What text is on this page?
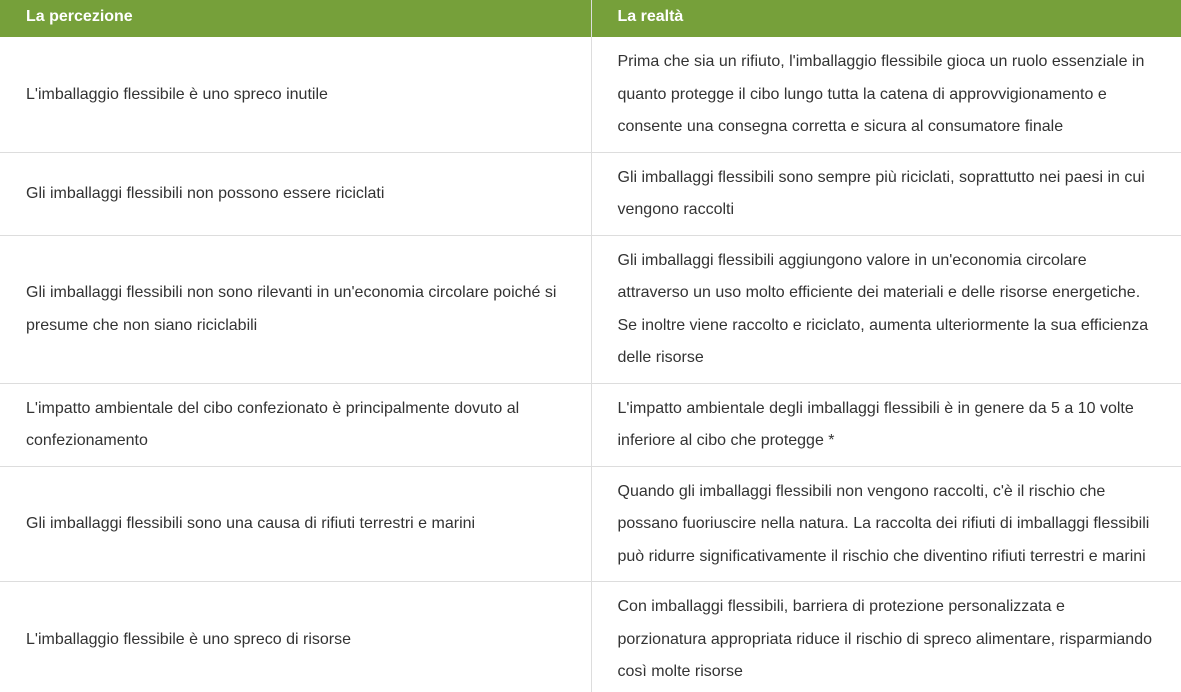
La percezione	La realtà
L'imballaggio flessibile è uno spreco inutile	Prima che sia un rifiuto, l'imballaggio flessibile gioca un ruolo essenziale in quanto protegge il cibo lungo tutta la catena di approvvigionamento e consente una consegna corretta e sicura al consumatore finale
Gli imballaggi flessibili non possono essere riciclati	Gli imballaggi flessibili sono sempre più riciclati, soprattutto nei paesi in cui vengono raccolti
Gli imballaggi flessibili non sono rilevanti in un'economia circolare poiché si presume che non siano riciclabili	Gli imballaggi flessibili aggiungono valore in un'economia circolare attraverso un uso molto efficiente dei materiali e delle risorse energetiche. Se inoltre viene raccolto e riciclato, aumenta ulteriormente la sua efficienza delle risorse
L'impatto ambientale del cibo confezionato è principalmente dovuto al confezionamento	L'impatto ambientale degli imballaggi flessibili è in genere da 5 a 10 volte inferiore al cibo che protegge *
Gli imballaggi flessibili sono una causa di rifiuti terrestri e marini	Quando gli imballaggi flessibili non vengono raccolti, c'è il rischio che possano fuoriuscire nella natura. La raccolta dei rifiuti di imballaggi flessibili può ridurre significativamente il rischio che diventino rifiuti terrestri e marini
L'imballaggio flessibile è uno spreco di risorse	Con imballaggi flessibili, barriera di protezione personalizzata e porzionatura appropriata riduce il rischio di spreco alimentare, risparmiando così molte risorse
